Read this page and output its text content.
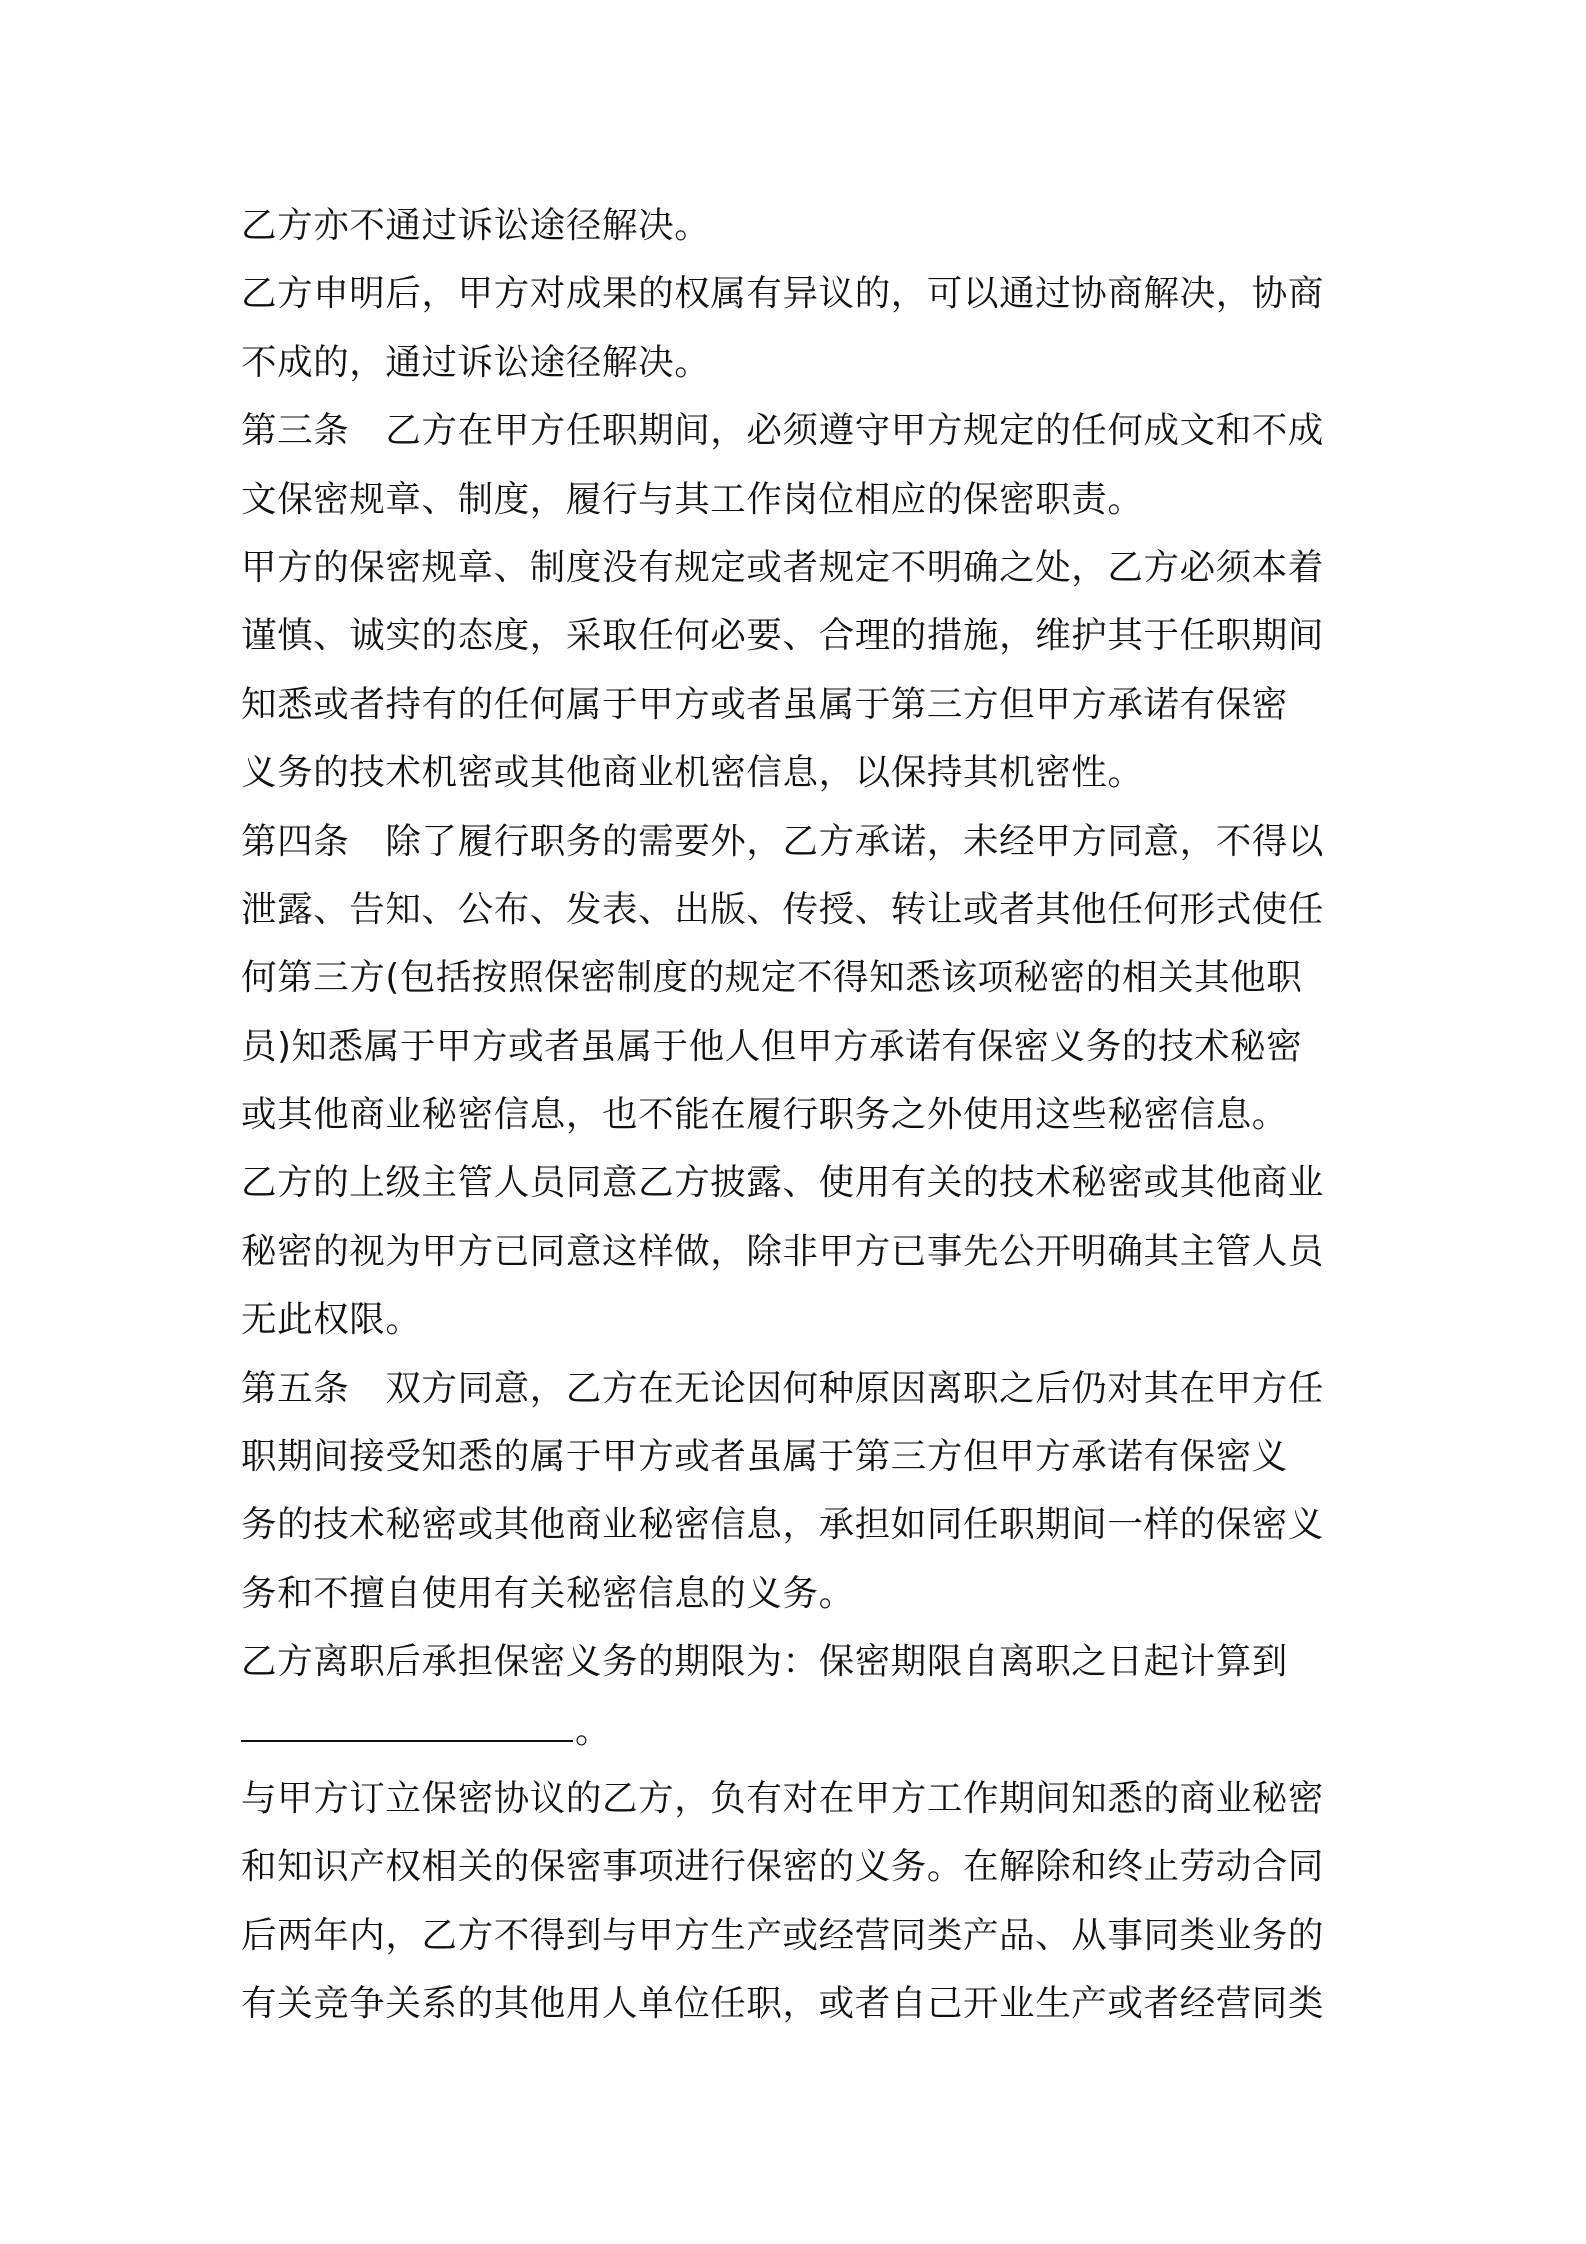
乙方亦不通过诉讼途径解决。
乙方申明后，甲方对成果的权属有异议的，可以通过协商解决，协商
不成的，通过诉讼途径解决。
第三条　乙方在甲方任职期间，必须遵守甲方规定的任何成文和不成
文保密规章、制度，履行与其工作岗位相应的保密职责。
甲方的保密规章、制度没有规定或者规定不明确之处，乙方必须本着
谨慎、诚实的态度，采取任何必要、合理的措施，维护其于任职期间
知悉或者持有的任何属于甲方或者虽属于第三方但甲方承诺有保密
义务的技术机密或其他商业机密信息，以保持其机密性。
第四条　除了履行职务的需要外，乙方承诺，未经甲方同意，不得以
泄露、告知、公布、发表、出版、传授、转让或者其他任何形式使任
何第三方(包括按照保密制度的规定不得知悉该项秘密的相关其他职
员)知悉属于甲方或者虽属于他人但甲方承诺有保密义务的技术秘密
或其他商业秘密信息，也不能在履行职务之外使用这些秘密信息。
乙方的上级主管人员同意乙方披露、使用有关的技术秘密或其他商业
秘密的视为甲方已同意这样做，除非甲方已事先公开明确其主管人员
无此权限。
第五条　双方同意，乙方在无论因何种原因离职之后仍对其在甲方任
职期间接受知悉的属于甲方或者虽属于第三方但甲方承诺有保密义
务的技术秘密或其他商业秘密信息，承担如同任职期间一样的保密义
务和不擅自使用有关秘密信息的义务。
乙方离职后承担保密义务的期限为：保密期限自离职之日起计算到
。
与甲方订立保密协议的乙方，负有对在甲方工作期间知悉的商业秘密
和知识产权相关的保密事项进行保密的义务。在解除和终止劳动合同
后两年内，乙方不得到与甲方生产或经营同类产品、从事同类业务的
有关竞争关系的其他用人单位任职，或者自己开业生产或者经营同类
